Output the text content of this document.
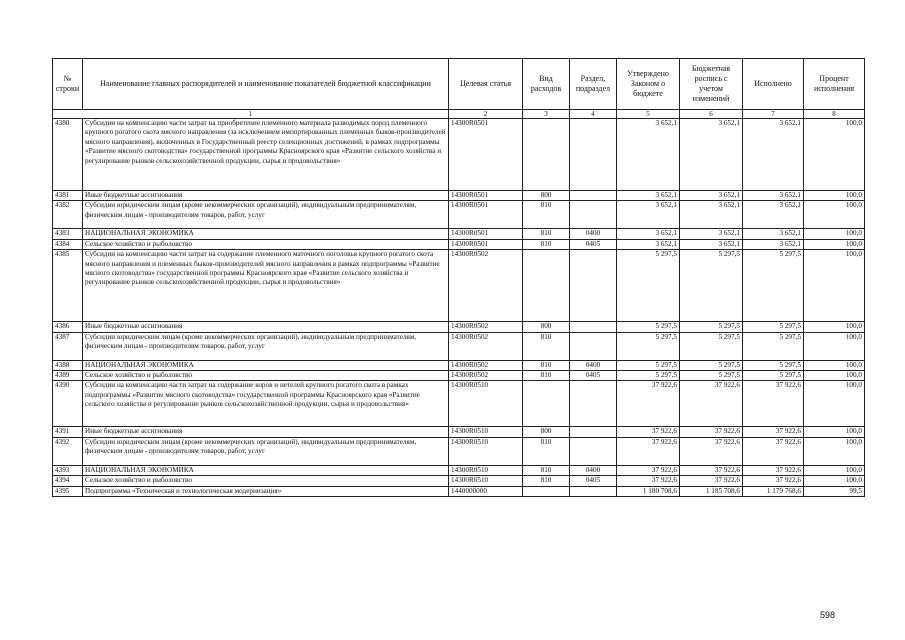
№ строки	Наименование главных распорядителей и наименование показателей бюджетной классификации	Целевая статья	Вид расходов	Раздел, подраздел	Утверждено Законом о бюджете	Бюджетная роспись с учетом изменений	Исполнено	Процент исполнения
1		2	3	4	5	6	7	8
4380	Субсидии на компенсацию части затрат на приобретение племенного материала разводимых пород племенного крупного рогатого скота мясного направления (за исключением импортированных племенных быков-производителей мясного направления), включенных в Государственный реестр селекционных достижений, в рамках подпрограммы «Развитие мясного скотоводства» государственной программы Красноярского края «Развитие сельского хозяйства и регулирование рынков сельскохозяйственной продукции, сырья и продовольствия»	14300R0501			3 652,1	3 652,1	3 652,1	100,0
4381	Иные бюджетные ассигнования	14300R0501	800		3 652,1	3 652,1	3 652,1	100,0
4382	Субсидии юридическим лицам (кроме некоммерческих организаций), индивидуальным предпринимателям, физическим лицам - производителям товаров, работ, услуг	14300R0501	810		3 652,1	3 652,1	3 652,1	100,0
4383	НАЦИОНАЛЬНАЯ ЭКОНОМИКА	14300R0501	810	0400	3 652,1	3 652,1	3 652,1	100,0
4384	Сельское хозяйство и рыболовство	14300R0501	810	0405	3 652,1	3 652,1	3 652,1	100,0
4385	Субсидии на компенсацию части затрат на содержание племенного маточного поголовья крупного рогатого скота мясного направления и племенных быков-производителей мясного направления в рамках подпрограммы «Развитие мясного скотоводства» государственной программы Красноярского края «Развитие сельского хозяйства и регулирование рынков сельскохозяйственной продукции, сырья и продовольствия»	14300R0502			5 297,5	5 297,5	5 297,5	100,0
4386	Иные бюджетные ассигнования	14300R0502	800		5 297,5	5 297,5	5 297,5	100,0
4387	Субсидии юридическим лицам (кроме некоммерческих организаций), индивидуальным предпринимателям, физическим лицам - производителям товаров, работ, услуг	14300R0502	810		5 297,5	5 297,5	5 297,5	100,0
4388	НАЦИОНАЛЬНАЯ ЭКОНОМИКА	14300R0502	810	0400	5 297,5	5 297,5	5 297,5	100,0
4389	Сельское хозяйство и рыболовство	14300R0502	810	0405	5 297,5	5 297,5	5 297,5	100,0
4390	Субсидии на компенсацию части затрат на содержание коров и нетелей крупного рогатого скота в рамках подпрограммы «Развитие мясного скотоводства» государственной программы Красноярского края «Развитие сельского хозяйства и регулирование рынков сельскохозяйственной продукции, сырья и продовольствия»	14300R0510			37 922,6	37 922,6	37 922,6	100,0
4391	Иные бюджетные ассигнования	14300R0510	800		37 922,6	37 922,6	37 922,6	100,0
4392	Субсидии юридическим лицам (кроме некоммерческих организаций), индивидуальным предпринимателям, физическим лицам - производителям товаров, работ, услуг	14300R0510	810		37 922,6	37 922,6	37 922,6	100,0
4393	НАЦИОНАЛЬНАЯ ЭКОНОМИКА	14300R0510	810	0400	37 922,6	37 922,6	37 922,6	100,0
4394	Сельское хозяйство и рыболовство	14300R0510	810	0405	37 922,6	37 922,6	37 922,6	100,0
4395	Подпрограмма «Техническая и технологическая модернизация»	1440000000			1 180 708,6	1 185 708,6	1 179 768,6	99,5
598
